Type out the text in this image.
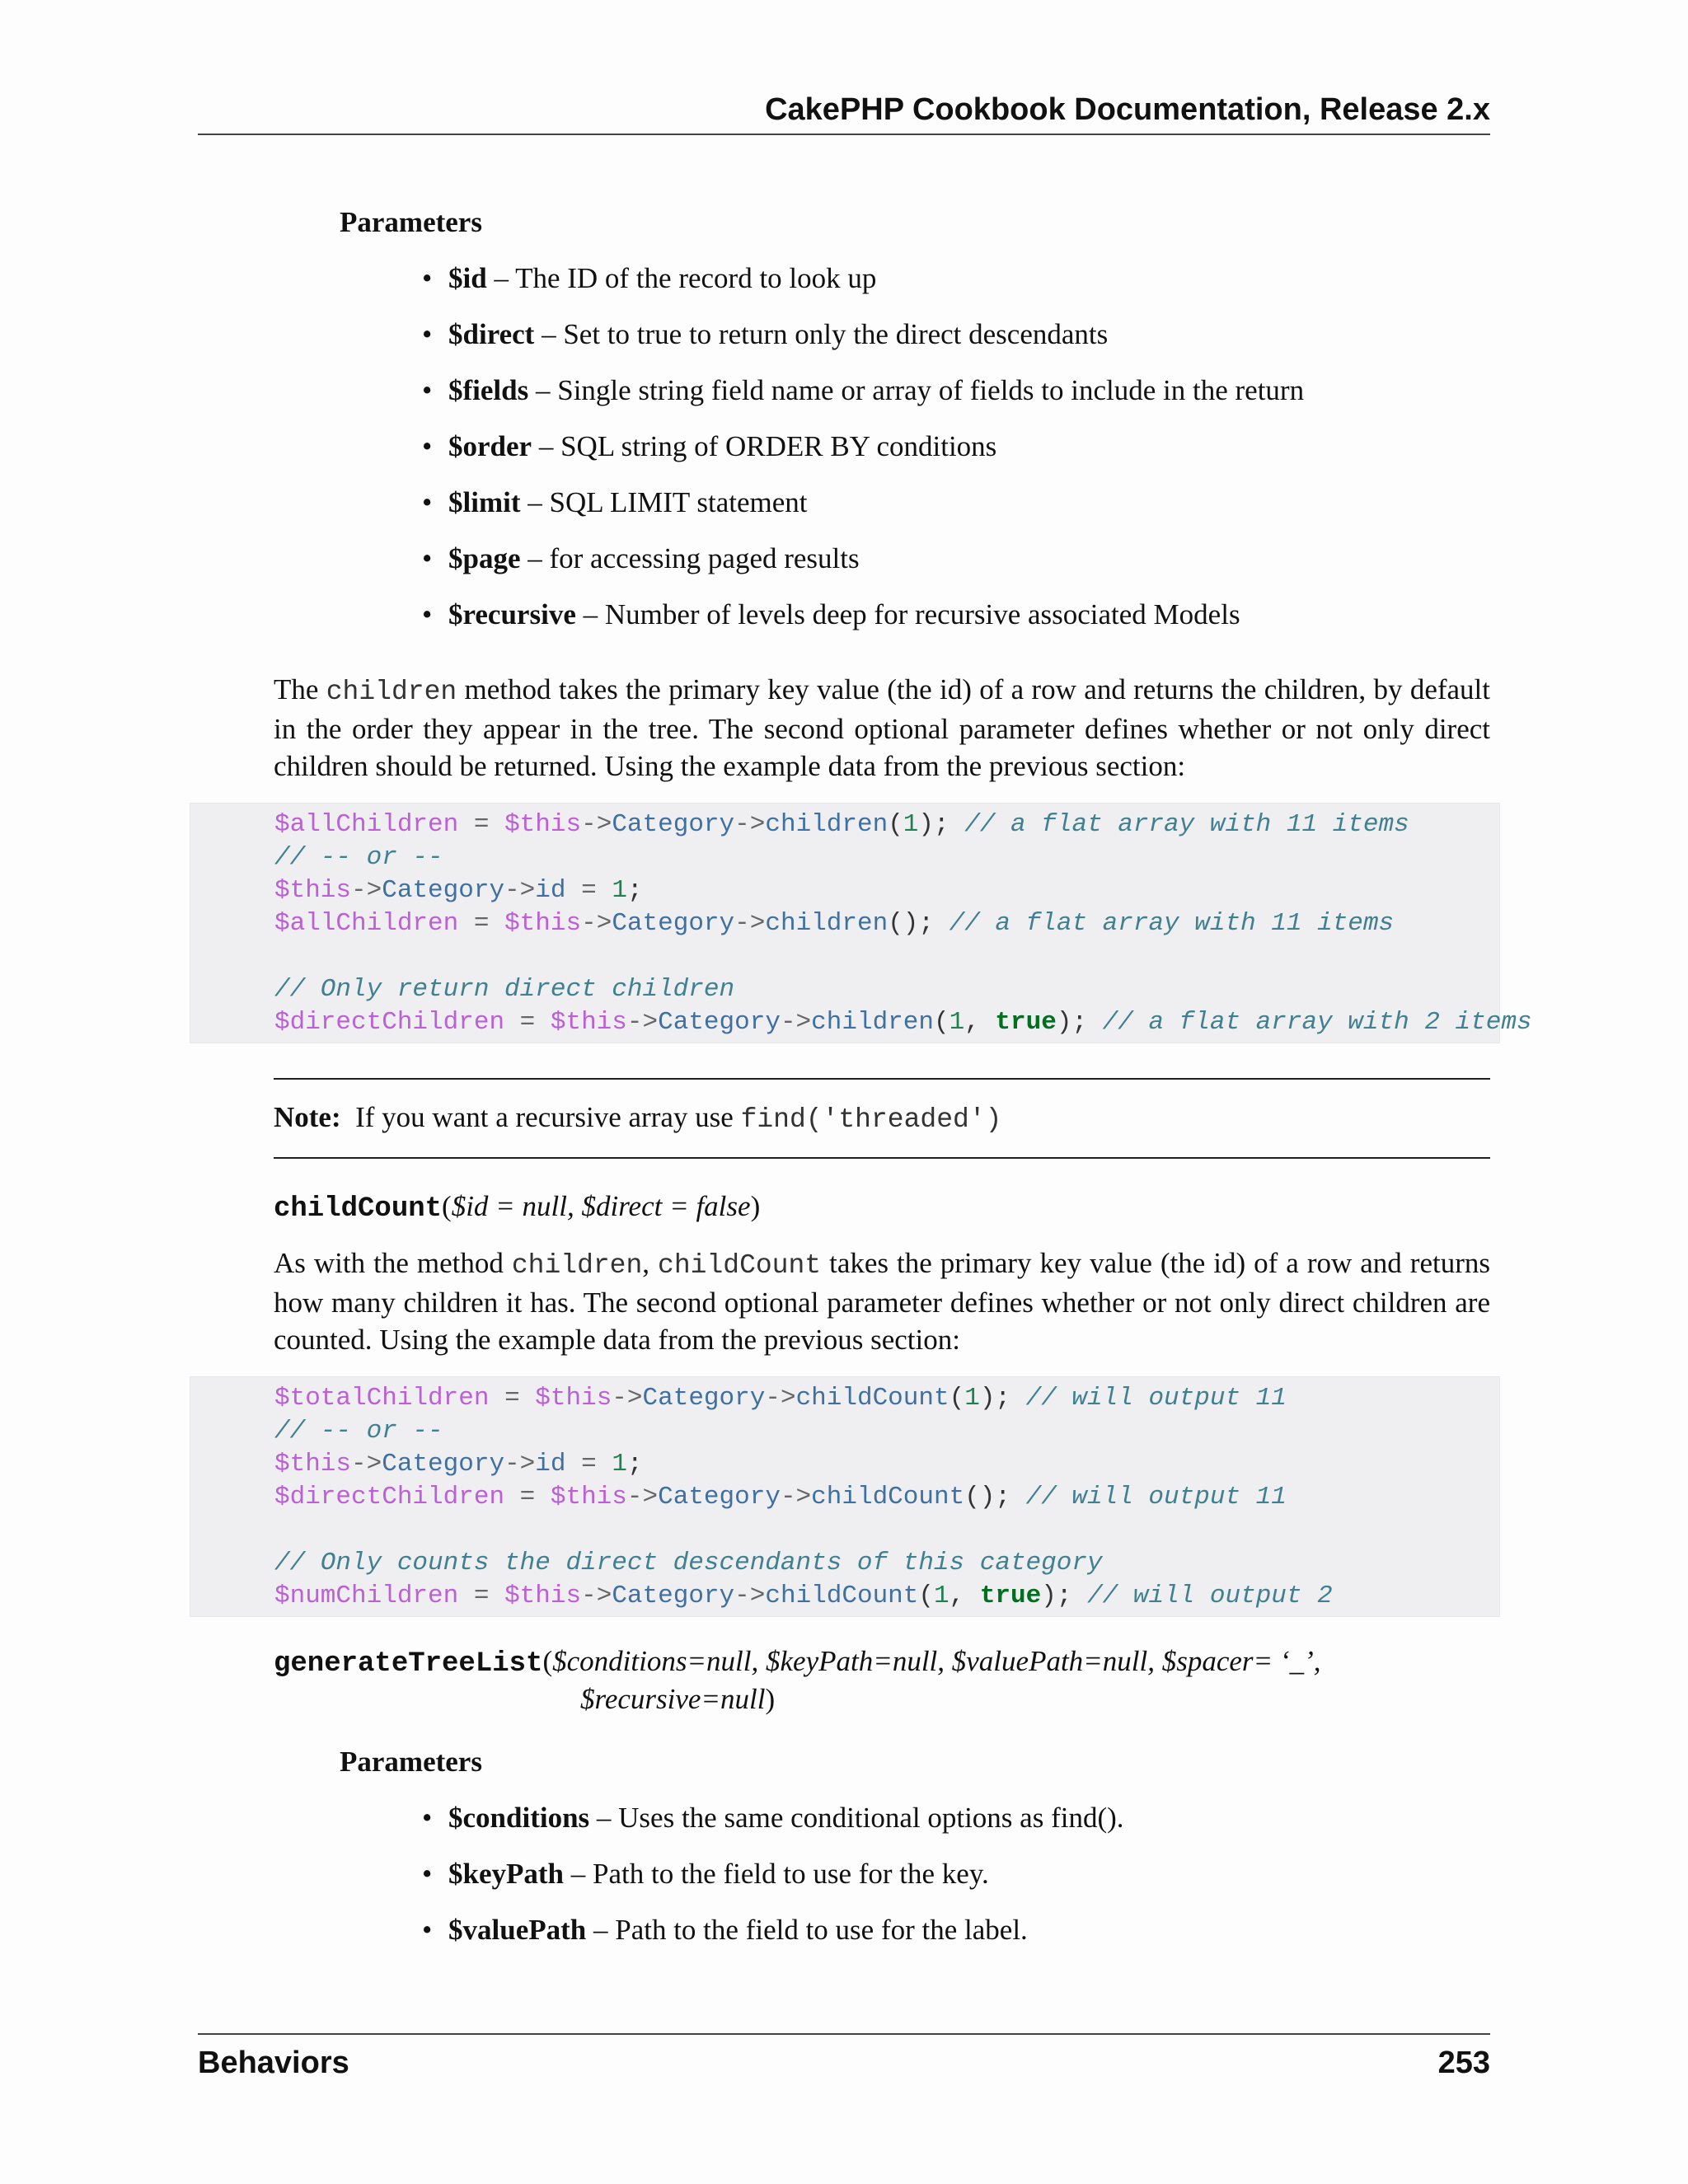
CakePHP Cookbook Documentation, Release 2.x
Parameters
• $id – The ID of the record to look up
• $direct – Set to true to return only the direct descendants
• $fields – Single string field name or array of fields to include in the return
• $order – SQL string of ORDER BY conditions
• $limit – SQL LIMIT statement
• $page – for accessing paged results
• $recursive – Number of levels deep for recursive associated Models
The children method takes the primary key value (the id) of a row and returns the children, by default in the order they appear in the tree. The second optional parameter defines whether or not only direct children should be returned. Using the example data from the previous section:
$allChildren = $this->Category->children(1); // a flat array with 11 items
// -- or --
$this->Category->id = 1;
$allChildren = $this->Category->children(); // a flat array with 11 items
// Only return direct children
$directChildren = $this->Category->children(1, true); // a flat array with 2 items
Note: If you want a recursive array use find('threaded')
childCount($id = null, $direct = false)
As with the method children, childCount takes the primary key value (the id) of a row and returns how many children it has. The second optional parameter defines whether or not only direct children are counted. Using the example data from the previous section:
$totalChildren = $this->Category->childCount(1); // will output 11
// -- or --
$this->Category->id = 1;
$directChildren = $this->Category->childCount(); // will output 11
// Only counts the direct descendants of this category
$numChildren = $this->Category->childCount(1, true); // will output 2
generateTreeList($conditions=null, $keyPath=null, $valuePath=null, $spacer= ‘_’,
$recursive=null)
Parameters
• $conditions – Uses the same conditional options as find().
• $keyPath – Path to the field to use for the key.
• $valuePath – Path to the field to use for the label.
Behaviors	253
